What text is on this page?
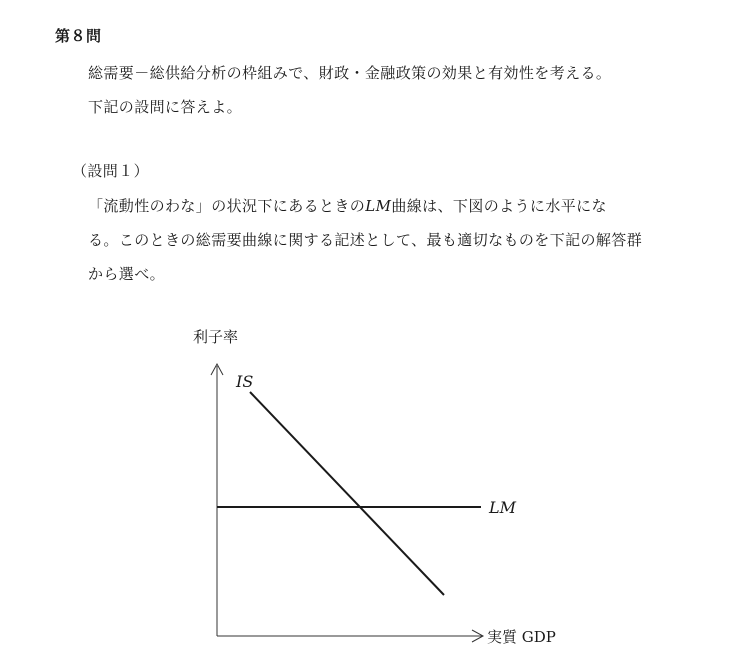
第８問
総需要－総供給分析の枠組みで、財政・金融政策の効果と有効性を考える。
下記の設問に答えよ。
（設問１）
「流動性のわな」の状況下にあるときのLM曲線は、下図のように水平にな
る。このときの総需要曲線に関する記述として、最も適切なものを下記の解答群
から選べ。
利子率
実質 GDP
IS
LM
